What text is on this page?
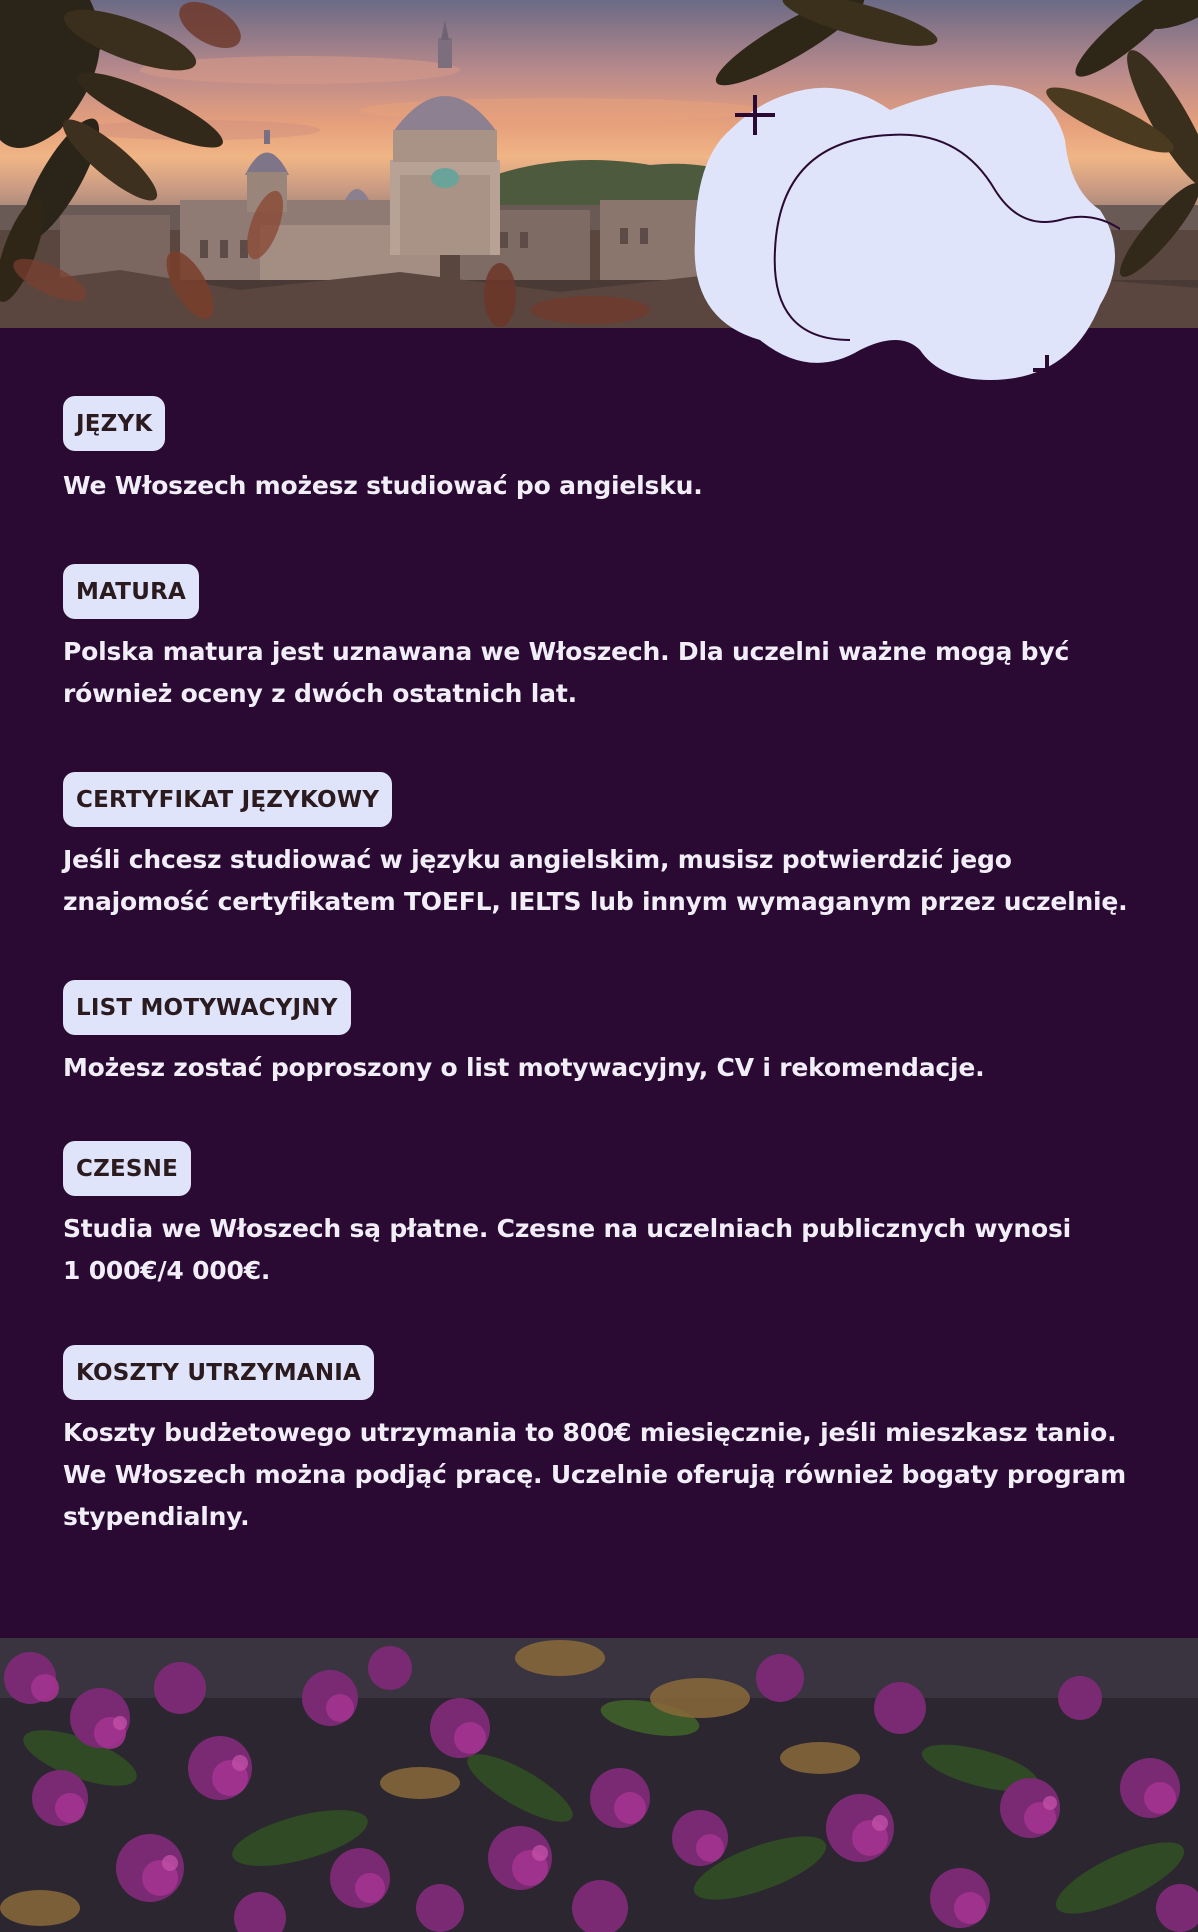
JĘZYK

We Włoszech możesz studiować po angielsku.

MATURA

Polska matura jest uznawana we Włoszech. Dla uczelni ważne mogą być również oceny z dwóch ostatnich lat.

CERTYFIKAT JĘZYKOWY

Jeśli chcesz studiować w języku angielskim, musisz potwierdzić jego znajomość certyfikatem TOEFL, IELTS lub innym wymaganym przez uczelnię.

LIST MOTYWACYJNY

Możesz zostać poproszony o list motywacyjny, CV i rekomendacje.

CZESNE

Studia we Włoszech są płatne. Czesne na uczelniach publicznych wynosi 1 000€/4 000€.

KOSZTY UTRZYMANIA

Koszty budżetowego utrzymania to 800€ miesięcznie, jeśli mieszkasz tanio. We Włoszech można podjąć pracę. Uczelnie oferują również bogaty program stypendialny.
